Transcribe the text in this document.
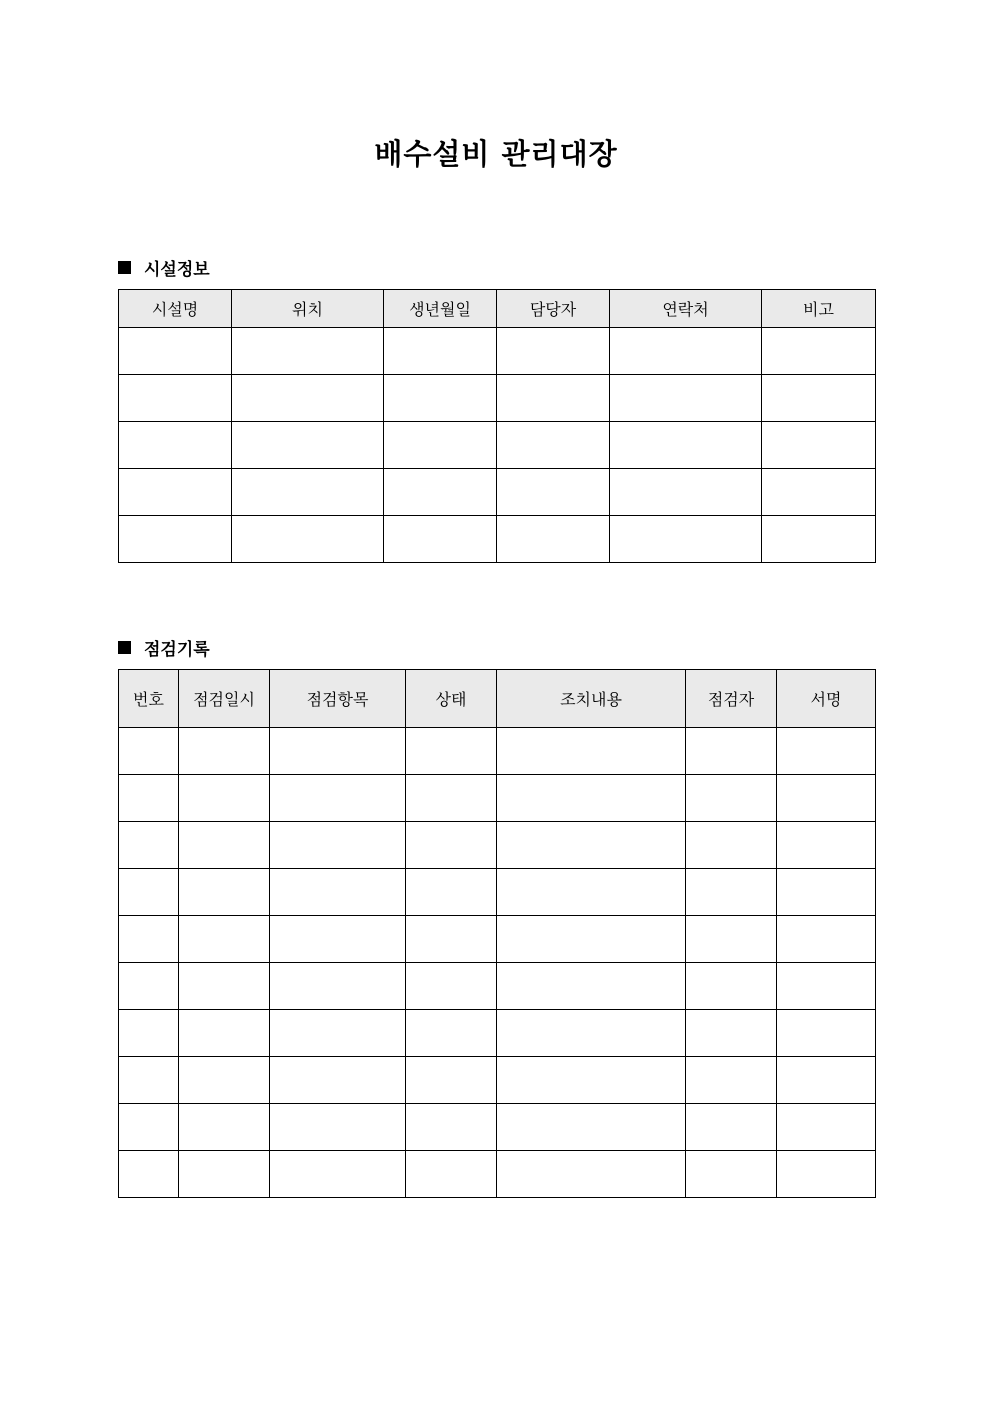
배수설비 관리대장
시설정보
시설명	위치	생년월일	담당자	연락처	비고

점검기록
번호	점검일시	점검항목	상태	조치내용	점검자	서명
